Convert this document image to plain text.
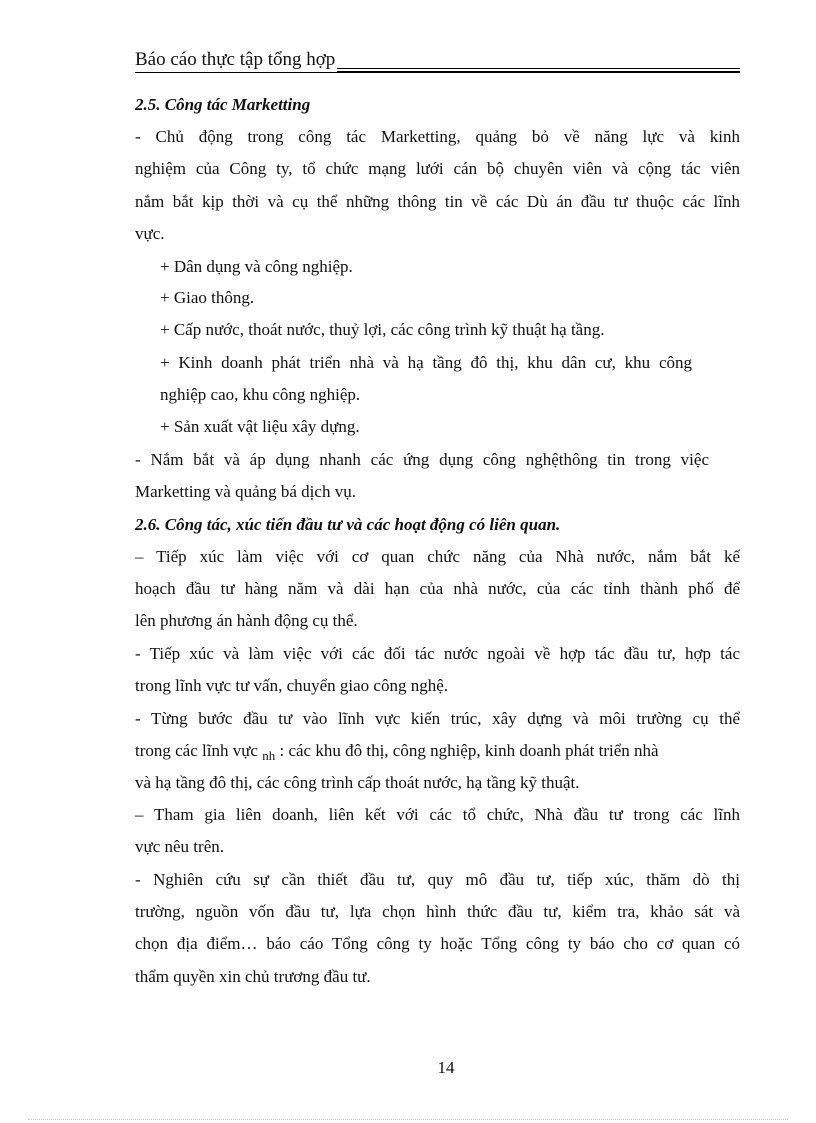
Báo cáo thực tập tổng hợp
2.5. Công tác Marketting
- Chủ động trong công tác Marketting, quảng bỏ về năng lực và kinh
nghiệm của Công ty, tổ chức mạng lưới cán bộ chuyên viên và cộng tác viên
nắm bắt kịp thời và cụ thể những thông tin về các Dù án đầu tư thuộc các lĩnh
vực.
+ Dân dụng và công nghiệp.
+ Giao thông.
+ Cấp nước, thoát nước, thuỷ lợi, các công trình kỹ thuật hạ tầng.
+ Kinh doanh phát triển nhà và hạ tầng đô thị, khu dân cư, khu công
nghiệp cao, khu công nghiệp.
+ Sản xuất vật liệu xây dựng.
- Nắm bắt và áp dụng nhanh các ứng dụng công nghệthông tin trong việc
Marketting và quảng bá dịch vụ.
2.6. Công tác, xúc tiến đầu tư và các hoạt động có liên quan.
– Tiếp xúc làm việc với cơ quan chức năng của Nhà nước, nắm bắt kế
hoạch đầu tư hàng năm và dài hạn của nhà nước, của các tỉnh thành phố để
lên phương án hành động cụ thể.
- Tiếp xúc và làm việc với các đối tác nước ngoài về hợp tác đầu tư, hợp tác
trong lĩnh vực tư vấn, chuyển giao công nghệ.
- Từng bước đầu tư vào lĩnh vực kiến trúc, xây dựng và môi trường cụ thể
trong các lĩnh vực $_{nh}$ : các khu đô thị, công nghiệp, kinh doanh phát triển nhà
và hạ tầng đô thị, các công trình cấp thoát nước, hạ tầng kỹ thuật.
– Tham gia liên doanh, liên kết với các tổ chức, Nhà đầu tư trong các lĩnh
vực nêu trên.
- Nghiên cứu sự cần thiết đầu tư, quy mô đầu tư, tiếp xúc, thăm dò thị
trường, nguồn vốn đầu tư, lựa chọn hình thức đầu tư, kiểm tra, khảo sát và
chọn địa điểm… báo cáo Tổng công ty hoặc Tổng công ty báo cho cơ quan có
thẩm quyền xin chủ trương đầu tư.
14
